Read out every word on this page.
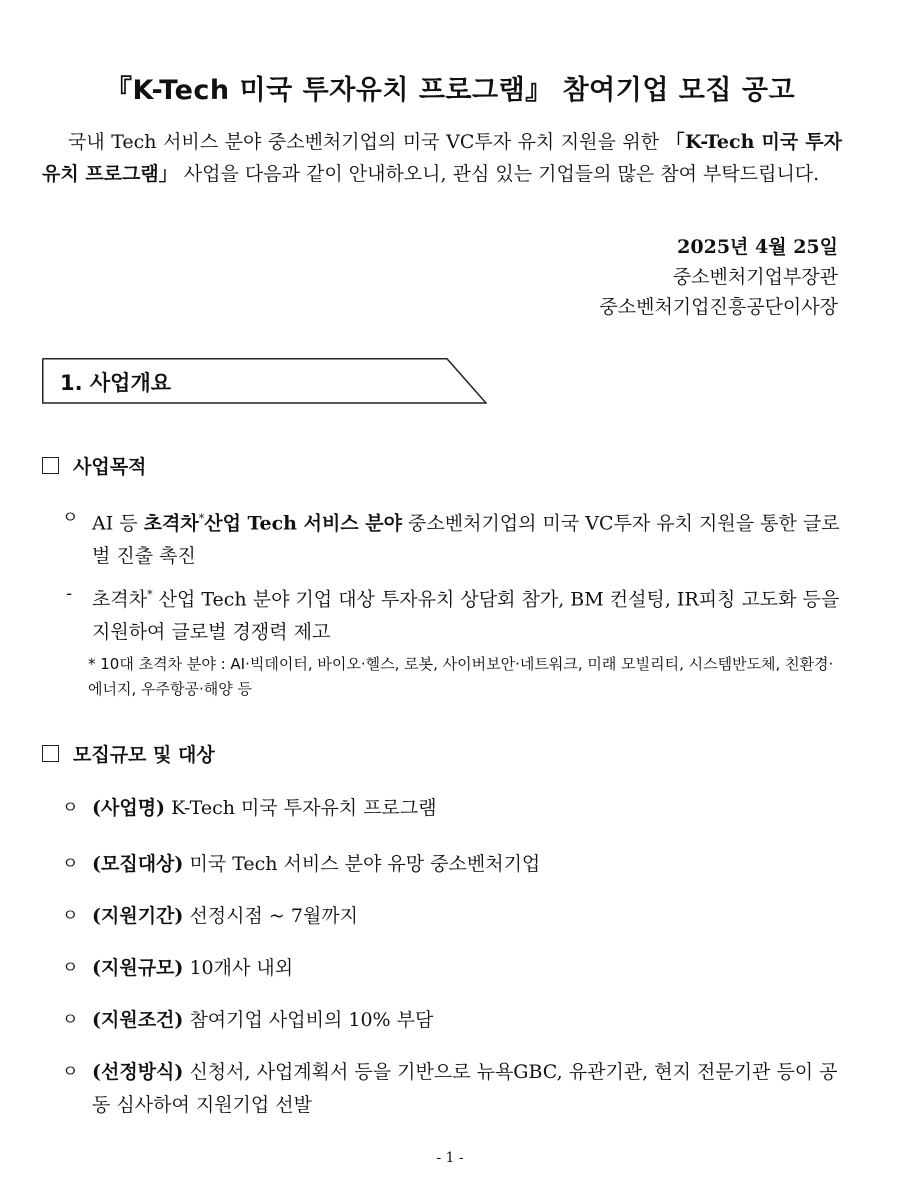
『K-Tech 미국 투자유치 프로그램』 참여기업 모집 공고
국내 Tech 서비스 분야 중소벤처기업의 미국 VC투자 유치 지원을 위한 「K-Tech 미국 투자유치 프로그램」 사업을 다음과 같이 안내하오니, 관심 있는 기업들의 많은 참여 부탁드립니다.
2025년 4월 25일
중소벤처기업부장관
중소벤처기업진흥공단이사장
1. 사업개요
사업목적
ㅇ AI 등 초격차*산업 Tech 서비스 분야 중소벤처기업의 미국 VC투자 유치 지원을 통한 글로벌 진출 촉진
-	초격차* 산업 Tech 분야 기업 대상 투자유치 상담회 참가, BM 컨설팅, IR피칭 고도화 등을 지원하여 글로벌 경쟁력 제고
* 10대 초격차 분야 : AI·빅데이터, 바이오·헬스, 로봇, 사이버보안·네트워크, 미래 모빌리티, 시스템반도체, 친환경·에너지, 우주항공·해양 등
모집규모 및 대상
ㅇ (사업명) K-Tech 미국 투자유치 프로그램
ㅇ (모집대상) 미국 Tech 서비스 분야 유망 중소벤처기업
ㅇ (지원기간) 선정시점 ~ 7월까지
ㅇ (지원규모) 10개사 내외
ㅇ (지원조건) 참여기업 사업비의 10% 부담
ㅇ (선정방식) 신청서, 사업계획서 등을 기반으로 뉴욕GBC, 유관기관, 현지 전문기관 등이 공동 심사하여 지원기업 선발
- 1 -
